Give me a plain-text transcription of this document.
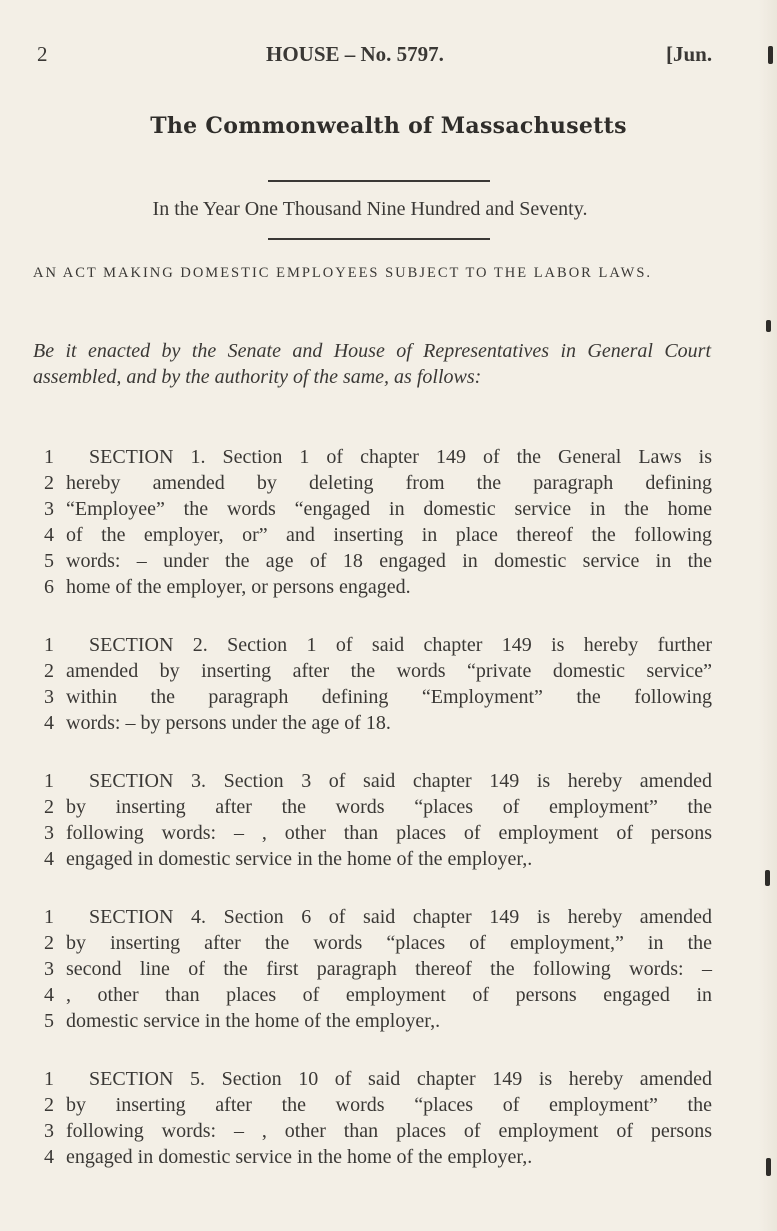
2	HOUSE – No. 5797.	[Jun.
The Commonwealth of Massachusetts
In the Year One Thousand Nine Hundred and Seventy.
AN ACT MAKING DOMESTIC EMPLOYEES SUBJECT TO THE LABOR LAWS.
Be it enacted by the Senate and House of Representatives in General Court assembled, and by the authority of the same, as follows:
1 SECTION 1. Section 1 of chapter 149 of the General Laws is
2 hereby amended by deleting from the paragraph defining
3 “Employee” the words “engaged in domestic service in the home
4 of the employer, or” and inserting in place thereof the following
5 words: – under the age of 18 engaged in domestic service in the
6 home of the employer, or persons engaged.
1 SECTION 2. Section 1 of said chapter 149 is hereby further
2 amended by inserting after the words “private domestic service”
3 within the paragraph defining “Employment” the following
4 words: – by persons under the age of 18.
1 SECTION 3. Section 3 of said chapter 149 is hereby amended
2 by inserting after the words “places of employment” the
3 following words: – , other than places of employment of persons
4 engaged in domestic service in the home of the employer,.
1 SECTION 4. Section 6 of said chapter 149 is hereby amended
2 by inserting after the words “places of employment,” in the
3 second line of the first paragraph thereof the following words: –
4 , other than places of employment of persons engaged in
5 domestic service in the home of the employer,.
1 SECTION 5. Section 10 of said chapter 149 is hereby amended
2 by inserting after the words “places of employment” the
3 following words: – , other than places of employment of persons
4 engaged in domestic service in the home of the employer,.
